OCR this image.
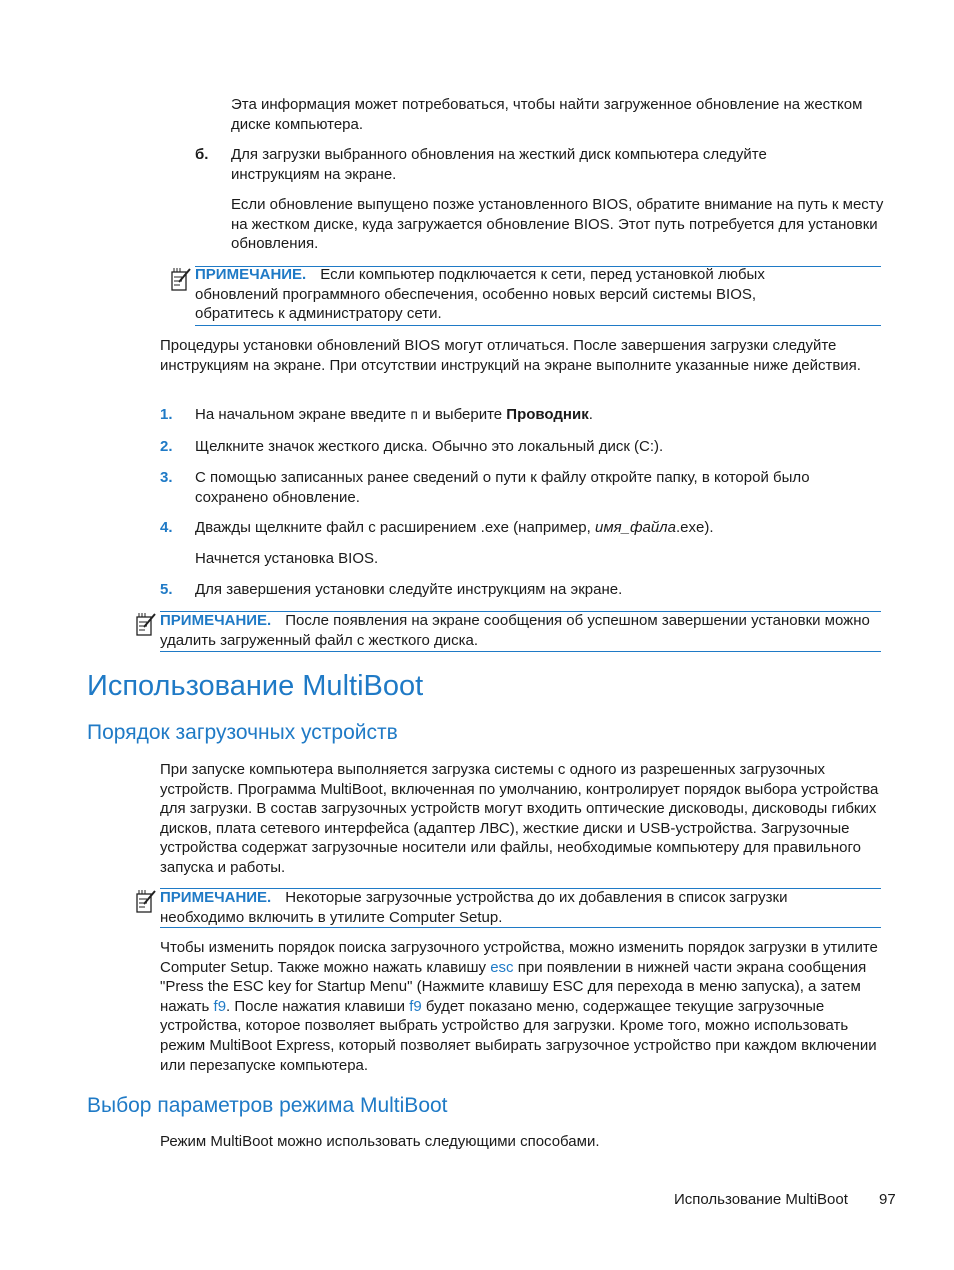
Эта информация может потребоваться, чтобы найти загруженное обновление на жестком диске компьютера.

б. Для загрузки выбранного обновления на жесткий диск компьютера следуйте инструкциям на экране.

Если обновление выпущено позже установленного BIOS, обратите внимание на путь к месту на жестком диске, куда загружается обновление BIOS. Этот путь потребуется для установки обновления.

ПРИМЕЧАНИЕ. Если компьютер подключается к сети, перед установкой любых обновлений программного обеспечения, особенно новых версий системы BIOS, обратитесь к администратору сети.

Процедуры установки обновлений BIOS могут отличаться. После завершения загрузки следуйте инструкциям на экране. При отсутствии инструкций на экране выполните указанные ниже действия.

1. На начальном экране введите п и выберите Проводник.

2. Щелкните значок жесткого диска. Обычно это локальный диск (C:).

3. С помощью записанных ранее сведений о пути к файлу откройте папку, в которой было сохранено обновление.

4. Дважды щелкните файл с расширением .exe (например, имя_файла.exe).

Начнется установка BIOS.

5. Для завершения установки следуйте инструкциям на экране.

ПРИМЕЧАНИЕ. После появления на экране сообщения об успешном завершении установки можно удалить загруженный файл с жесткого диска.

Использование MultiBoot
Порядок загрузочных устройств

При запуске компьютера выполняется загрузка системы с одного из разрешенных загрузочных устройств. Программа MultiBoot, включенная по умолчанию, контролирует порядок выбора устройства для загрузки. В состав загрузочных устройств могут входить оптические дисководы, дисководы гибких дисков, плата сетевого интерфейса (адаптер ЛВС), жесткие диски и USB-устройства. Загрузочные устройства содержат загрузочные носители или файлы, необходимые компьютеру для правильного запуска и работы.

ПРИМЕЧАНИЕ. Некоторые загрузочные устройства до их добавления в список загрузки необходимо включить в утилите Computer Setup.

Чтобы изменить порядок поиска загрузочного устройства, можно изменить порядок загрузки в утилите Computer Setup. Также можно нажать клавишу esc при появлении в нижней части экрана сообщения "Press the ESC key for Startup Menu" (Нажмите клавишу ESC для перехода в меню запуска), а затем нажать f9. После нажатия клавиши f9 будет показано меню, содержащее текущие загрузочные устройства, которое позволяет выбрать устройство для загрузки. Кроме того, можно использовать режим MultiBoot Express, который позволяет выбирать загрузочное устройство при каждом включении или перезапуске компьютера.

Выбор параметров режима MultiBoot

Режим MultiBoot можно использовать следующими способами.

Использование MultiBoot 97
